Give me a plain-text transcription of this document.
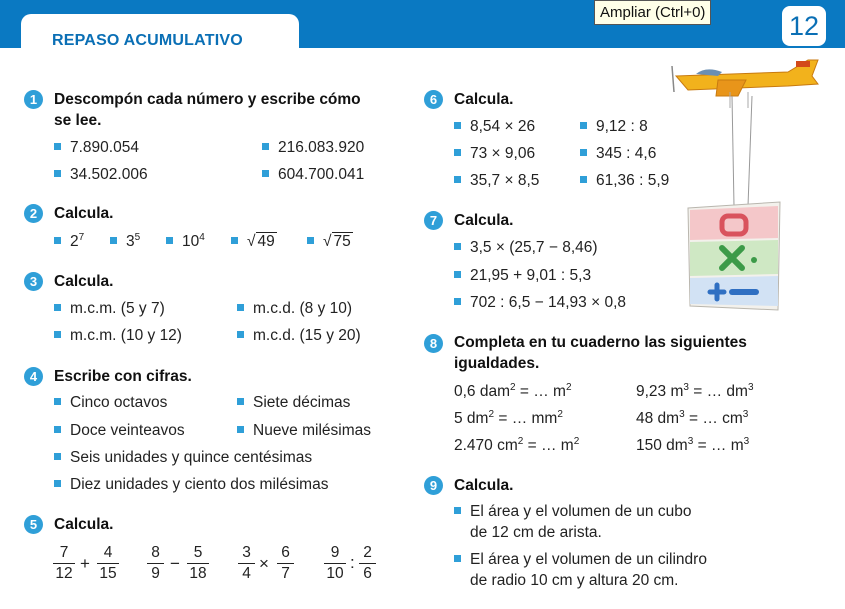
REPASO ACUMULATIVO	12
Ampliar (Ctrl+0)
1	Descompón cada número y escribe cómo
se lee.
7.890.054	216.083.920
34.502.006	604.700.041
2	Calcula.
$2^7$	$3^5$	$10^4$	√ 49	√ 75
3	Calcula.
m.c.m. (5 y 7)	m.c.d. (8 y 10)
m.c.m. (10 y 12)	m.c.d. (15 y 20)
4	Escribe con cifras.
Cinco octavos	Siete décimas
Doce veinteavos	Nueve milésimas
Seis unidades y quince centésimas
Diez unidades y ciento dos milésimas
5	Calcula.
7
12
+
4
15
8
9
−
5
18
3
4
×
6
7
9
10
:
2
6
6	Calcula.
8,54 × 26	9,12 : 8
73 × 9,06	345 : 4,6
35,7 × 8,5	61,36 : 5,9
7	Calcula.
3,5 × (25,7 − 8,46)
21,95 + 9,01 : 5,3
702 : 6,5 − 14,93 × 0,8
8	Completa en tu cuaderno las siguientes
igualdades.
0,6 dam$^2$ = … $m^2$	9,23 $m^3$ = … $dm^3$
5 $dm^2$ = … $mm^2$	48 $dm^3$ = … $cm^3$
2.470 $cm^2$ = … $m^2$	150 $dm^3$ = … $m^3$
9	Calcula.
El área y el volumen de un cubo
de 12 cm de arista.
El área y el volumen de un cilindro
de radio 10 cm y altura 20 cm.
